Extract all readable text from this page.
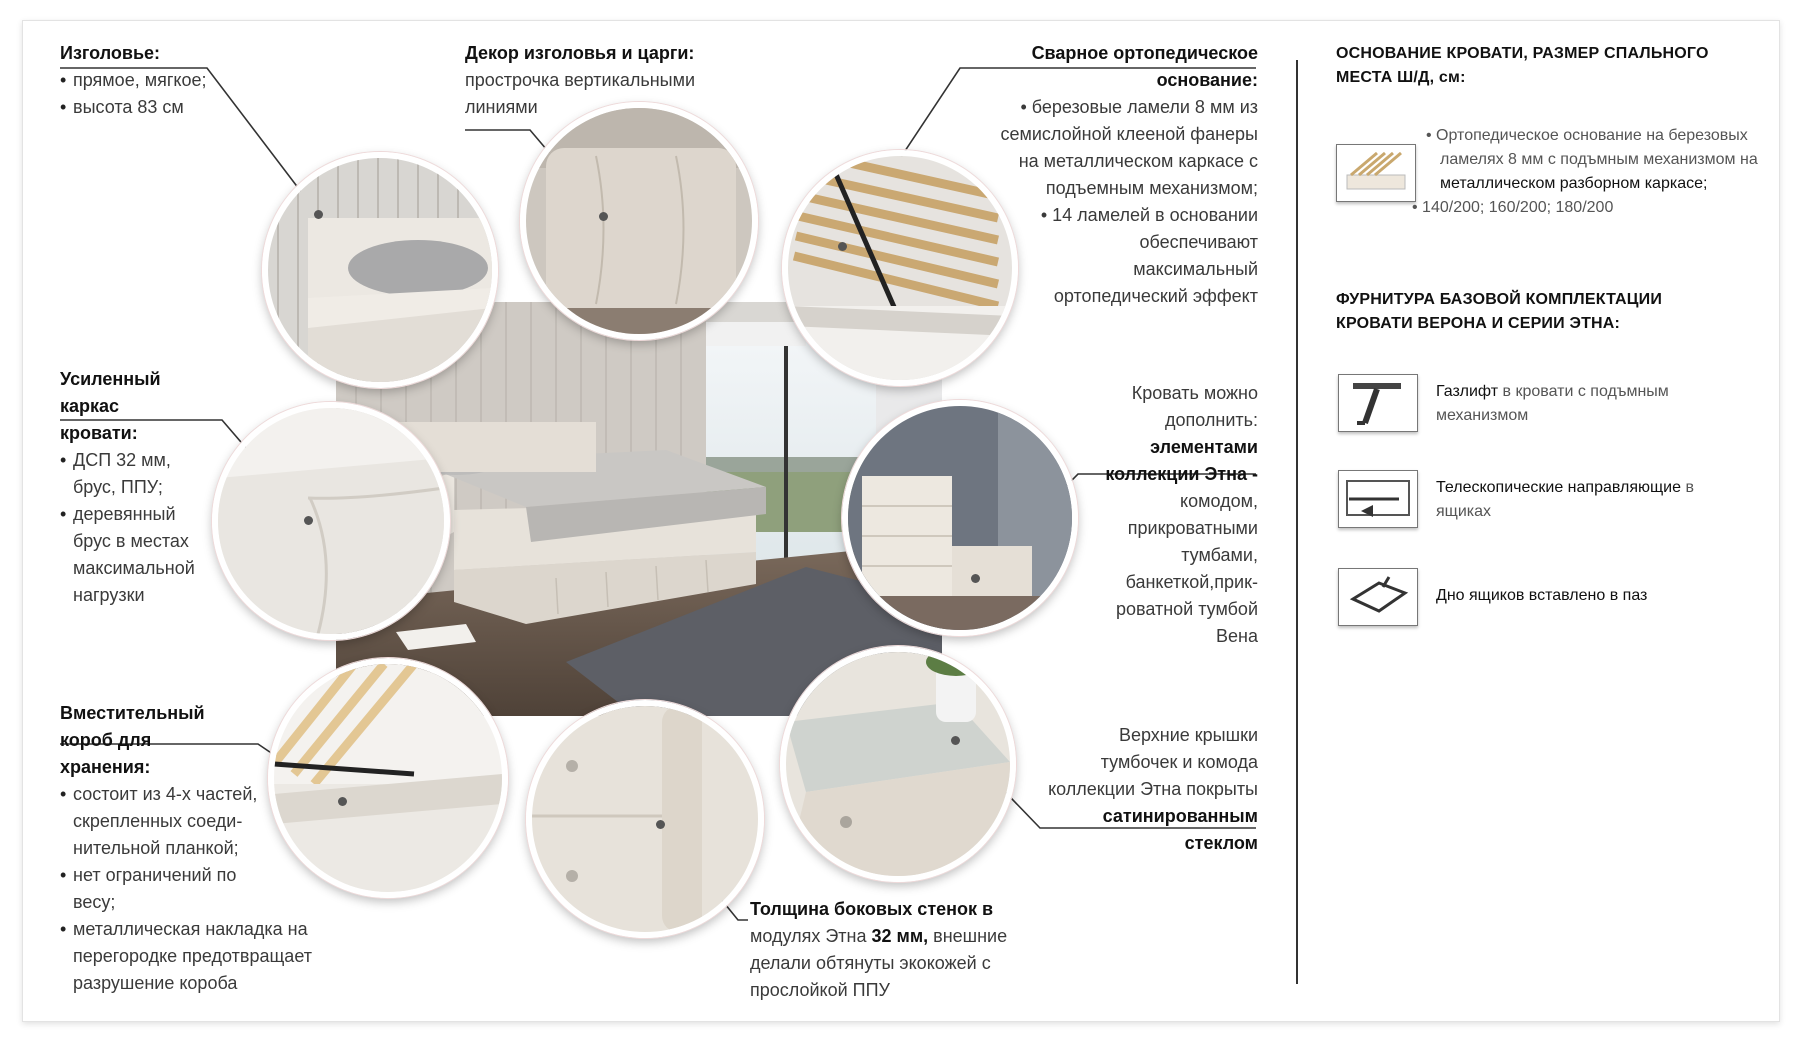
Изголовье:
• прямое, мягкое;
• высота 83 см
Декор изголовья и царги:
прострочка вертикальными
линиями
Сварное ортопедическое
основание:
• березовые ламели 8 мм из
семислойной клееной фанеры
на металлическом каркасе с
подъемным механизмом;
• 14 ламелей в основании
обеспечивают
максимальный
ортопедический эффект
Усиленный
каркас
кровати:
• ДСП 32 мм,
брус, ППУ;
• деревянный
брус в местах
максимальной
нагрузки
Кровать можно
дополнить:
элементами
коллекции Этна -
комодом,
прикроватными
тумбами,
банкеткой,прик-
роватной тумбой
Вена
Вместительный
короб для
хранения:
• состоит из 4-х частей,
скрепленных соеди-
нительной планкой;
• нет ограничений по
весу;
• металлическая накладка на
перегородке предотвращает
разрушение короба
Верхние крышки
тумбочек и комода
коллекции Этна покрыты
сатинированным
стеклом
Толщина боковых стенок в
модулях Этна 32 мм, внешние
делали обтянуты экокожей с
прослойкой ППУ
ОСНОВАНИЕ КРОВАТИ, РАЗМЕР СПАЛЬНОГО
МЕСТА Ш/Д, см:
• Ортопедическое основание на березовых
ламелях 8 мм с подъмным механизмом на
металлическом разборном каркасе;
• 140/200; 160/200; 180/200
ФУРНИТУРА БАЗОВОЙ КОМПЛЕКТАЦИИ
КРОВАТИ ВЕРОНА И СЕРИИ ЭТНА:
Газлифт в кровати с подъмным
механизмом
Телескопические направляющие в
ящиках
Дно ящиков вставлено в паз
